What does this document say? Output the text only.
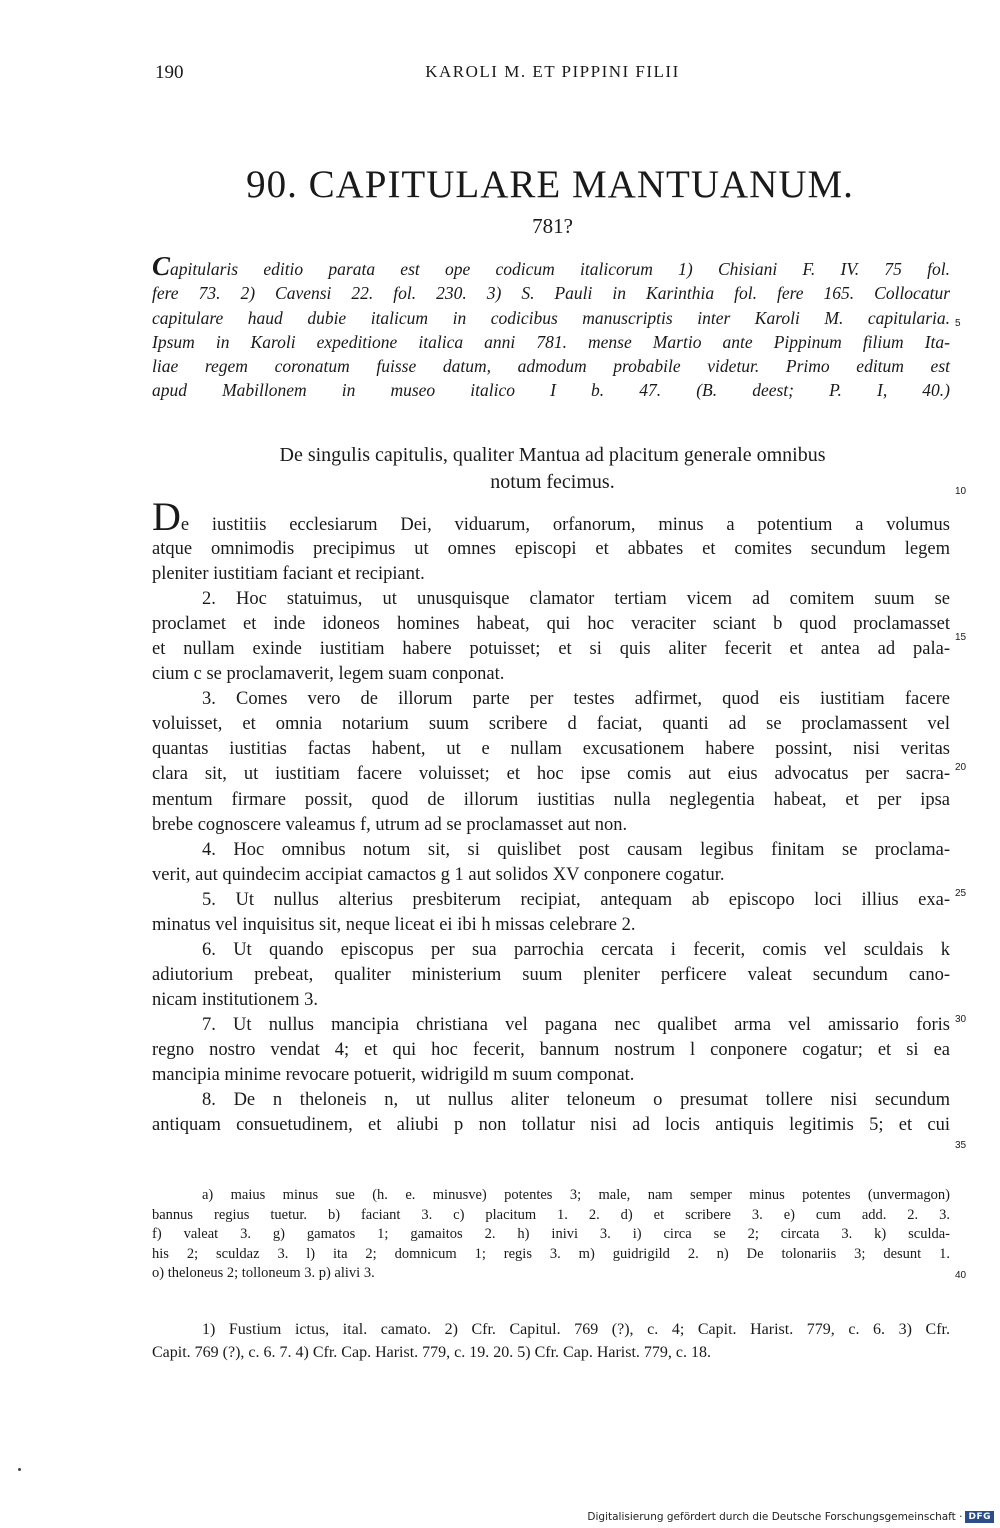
190	KAROLI M. ET PIPPINI FILII
90. CAPITULARE MANTUANUM.
781?
Capitularis editio parata est ope codicum italicorum 1) Chisiani F. IV. 75 fol.
fere 73. 2) Cavensi 22. fol. 230. 3) S. Pauli in Karinthia fol. fere 165. Collocatur
capitulare haud dubie italicum in codicibus manuscriptis inter Karoli M. capitularia.
Ipsum in Karoli expeditione italica anni 781. mense Martio ante Pippinum filium Ita-
liae regem coronatum fuisse datum, admodum probabile videtur. Primo editum est
apud Mabillonem in museo italico I b. 47. (B. deest; P. I, 40.)
De singulis capitulis, qualiter Mantua ad placitum generale omnibus
notum fecimus.
De iustitiis ecclesiarum Dei, viduarum, orfanorum, minus a potentium a volumus
atque omnimodis precipimus ut omnes episcopi et abbates et comites secundum legem
pleniter iustitiam faciant et recipiant.
2. Hoc statuimus, ut unusquisque clamator tertiam vicem ad comitem suum se
proclamet et inde idoneos homines habeat, qui hoc veraciter sciant b quod proclamasset
et nullam exinde iustitiam habere potuisset; et si quis aliter fecerit et antea ad pala-
cium c se proclamaverit, legem suam conponat.
3. Comes vero de illorum parte per testes adfirmet, quod eis iustitiam facere
voluisset, et omnia notarium suum scribere d faciat, quanti ad se proclamassent vel
quantas iustitias factas habent, ut e nullam excusationem habere possint, nisi veritas
clara sit, ut iustitiam facere voluisset; et hoc ipse comis aut eius advocatus per sacra-
mentum firmare possit, quod de illorum iustitias nulla neglegentia habeat, et per ipsa
brebe cognoscere valeamus f, utrum ad se proclamasset aut non.
4. Hoc omnibus notum sit, si quislibet post causam legibus finitam se proclama-
verit, aut quindecim accipiat camactos g 1 aut solidos XV conponere cogatur.
5. Ut nullus alterius presbiterum recipiat, antequam ab episcopo loci illius exa-
minatus vel inquisitus sit, neque liceat ei ibi h missas celebrare 2.
6. Ut quando episcopus per sua parrochia cercata i fecerit, comis vel sculdais k
adiutorium prebeat, qualiter ministerium suum pleniter perficere valeat secundum cano-
nicam institutionem 3.
7. Ut nullus mancipia christiana vel pagana nec qualibet arma vel amissario foris
regno nostro vendat 4; et qui hoc fecerit, bannum nostrum l conponere cogatur; et si ea
mancipia minime revocare potuerit, widrigild m suum componat.
8. De n theloneis n, ut nullus aliter teloneum o presumat tollere nisi secundum
antiquam consuetudinem, et aliubi p non tollatur nisi ad locis antiquis legitimis 5; et cui
a) maius minus sue (h. e. minusve) potentes 3; male, nam semper minus potentes (unvermagon)
bannus regius tuetur. b) faciant 3. c) placitum 1. 2. d) et scribere 3. e) cum add. 2. 3.
f) valeat 3. g) gamatos 1; gamaitos 2. h) inivi 3. i) circa se 2; circata 3. k) sculda-
his 2; sculdaz 3. l) ita 2; domnicum 1; regis 3. m) guidrigild 2. n) De tolonariis 3; desunt 1.
o) theloneus 2; tolloneum 3. p) alivi 3.
1) Fustium ictus, ital. camato. 2) Cfr. Capitul. 769 (?), c. 4; Capit. Harist. 779, c. 6. 3) Cfr.
Capit. 769 (?), c. 6. 7. 4) Cfr. Cap. Harist. 779, c. 19. 20. 5) Cfr. Cap. Harist. 779, c. 18.
5
10
15
20
25
30
35
40
Digitalisierung gefördert durch die Deutsche Forschungsgemeinschaft · DFG
